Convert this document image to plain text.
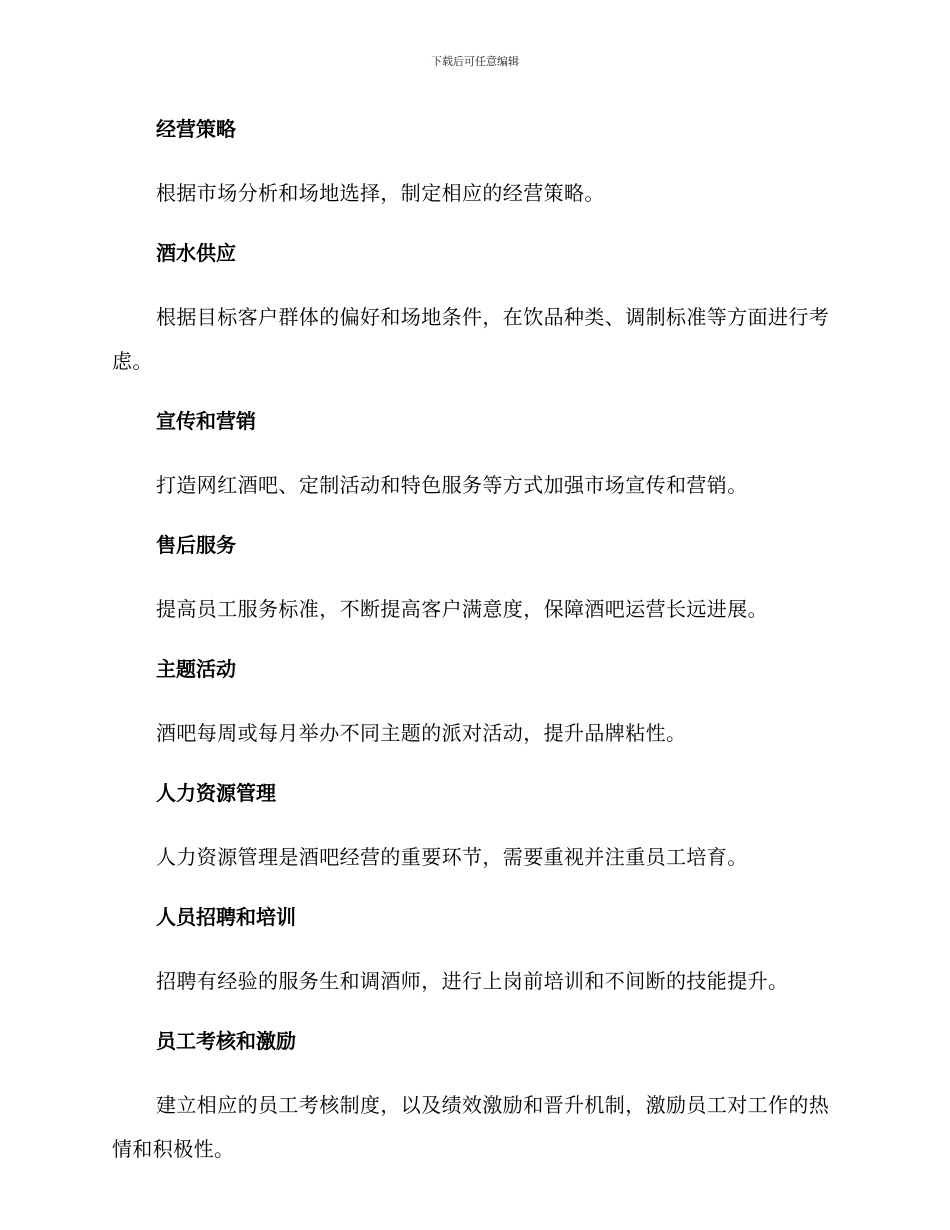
下载后可任意编辑
经营策略

根据市场分析和场地选择，制定相应的经营策略。

酒水供应

根据目标客户群体的偏好和场地条件，在饮品种类、调制标准等方面进行考虑。

宣传和营销

打造网红酒吧、定制活动和特色服务等方式加强市场宣传和营销。

售后服务

提高员工服务标准，不断提高客户满意度，保障酒吧运营长远进展。

主题活动

酒吧每周或每月举办不同主题的派对活动，提升品牌粘性。

人力资源管理

人力资源管理是酒吧经营的重要环节，需要重视并注重员工培育。

人员招聘和培训

招聘有经验的服务生和调酒师，进行上岗前培训和不间断的技能提升。

员工考核和激励

建立相应的员工考核制度，以及绩效激励和晋升机制，激励员工对工作的热情和积极性。
